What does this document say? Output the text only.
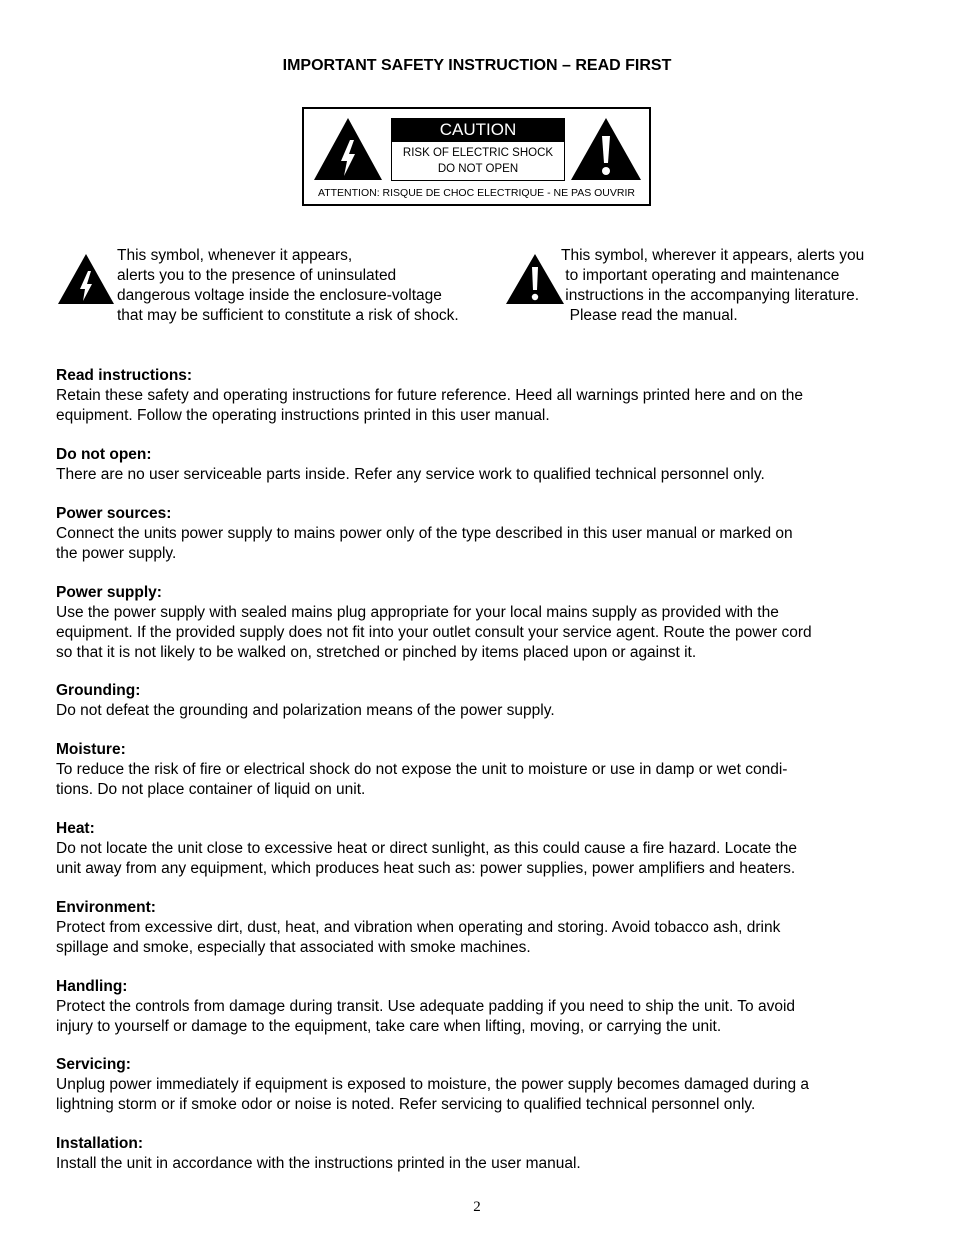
IMPORTANT SAFETY INSTRUCTION – READ FIRST
CAUTION
RISK OF ELECTRIC SHOCK
DO NOT OPEN
ATTENTION: RISQUE DE CHOC ELECTRIQUE - NE PAS OUVRIR
This symbol, whenever it appears,
alerts you to the presence of uninsulated
dangerous voltage inside the enclosure-voltage
that may be sufficient to constitute a risk of shock.
This symbol, wherever it appears, alerts you
to important operating and maintenance
instructions in the accompanying literature.
Please read the manual.
Read instructions:
Retain these safety and operating instructions for future reference. Heed all warnings printed here and on the
equipment. Follow the operating instructions printed in this user manual.
Do not open:
There are no user serviceable parts inside. Refer any service work to qualified technical personnel only.
Power sources:
Connect the units power supply to mains power only of the type described in this user manual or marked on
the power supply.
Power supply:
Use the power supply with sealed mains plug appropriate for your local mains supply as provided with the
equipment. If the provided supply does not fit into your outlet consult your service agent. Route the power cord
so that it is not likely to be walked on, stretched or pinched by items placed upon or against it.
Grounding:
Do not defeat the grounding and polarization means of the power supply.
Moisture:
To reduce the risk of fire or electrical shock do not expose the unit to moisture or use in damp or wet condi-
tions. Do not place container of liquid on unit.
Heat:
Do not locate the unit close to excessive heat or direct sunlight, as this could cause a fire hazard. Locate the
unit away from any equipment, which produces heat such as: power supplies, power amplifiers and heaters.
Environment:
Protect from excessive dirt, dust, heat, and vibration when operating and storing. Avoid tobacco ash, drink
spillage and smoke, especially that associated with smoke machines.
Handling:
Protect the controls from damage during transit. Use adequate padding if you need to ship the unit. To avoid
injury to yourself or damage to the equipment, take care when lifting, moving, or carrying the unit.
Servicing:
Unplug power immediately if equipment is exposed to moisture, the power supply becomes damaged during a
lightning storm or if smoke odor or noise is noted. Refer servicing to qualified technical personnel only.
Installation:
Install the unit in accordance with the instructions printed in the user manual.
2
